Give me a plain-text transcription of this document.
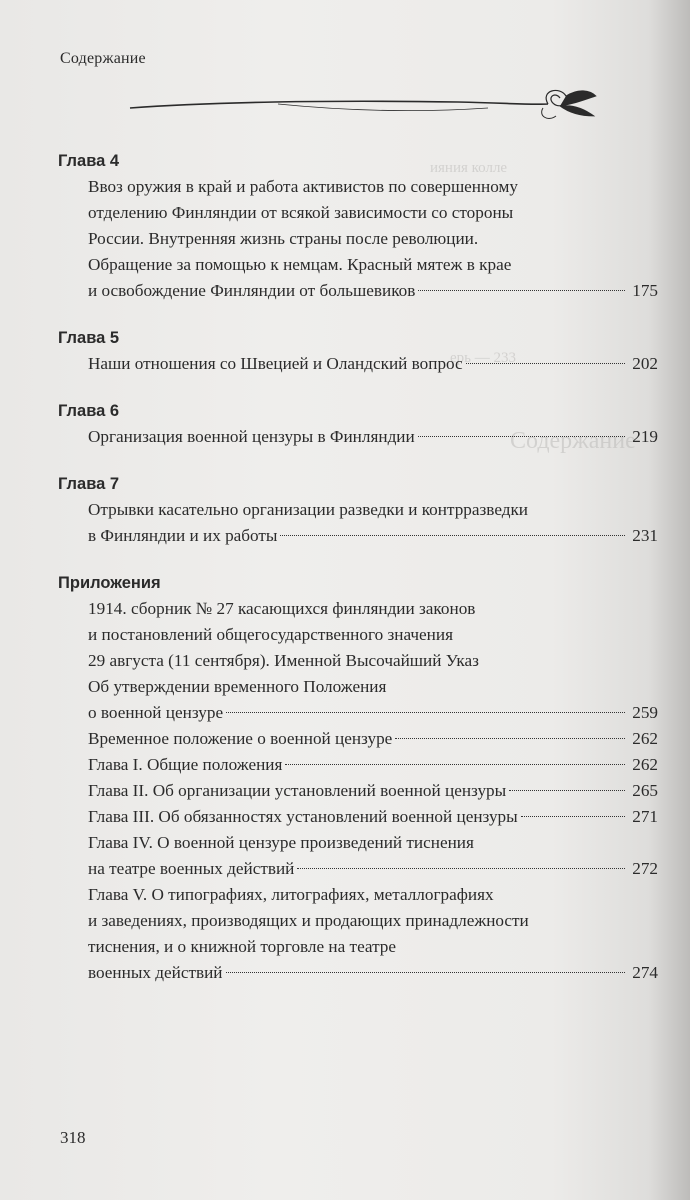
Содержание
ияния колле
ерь — 233
Содержание
Глава 4
Ввоз оружия в край и работа активистов по совершенному
отделению Финляндии от всякой зависимости со стороны
России. Внутренняя жизнь страны после революции.
Обращение за помощью к немцам. Красный мятеж в крае
и освобождение Финляндии от большевиков	175
Глава 5
Наши отношения со Швецией и Оландский вопрос	202
Глава 6
Организация военной цензуры в Финляндии	219
Глава 7
Отрывки касательно организации разведки и контрразведки
в Финляндии и их работы	231
Приложения
1914. сборник № 27 касающихся финляндии законов
и постановлений общегосударственного значения
29 августа (11 сентября). Именной Высочайший Указ
Об утверждении временного Положения
о военной цензуре	259
Временное положение о военной цензуре	262
Глава I. Общие положения	262
Глава II. Об организации установлений военной цензуры	265
Глава III. Об обязанностях установлений военной цензуры	271
Глава IV. О военной цензуре произведений тиснения
на театре военных действий	272
Глава V. О типографиях, литографиях, металлографиях
и заведениях, производящих и продающих принадлежности
тиснения, и о книжной торговле на театре
военных действий	274
318
